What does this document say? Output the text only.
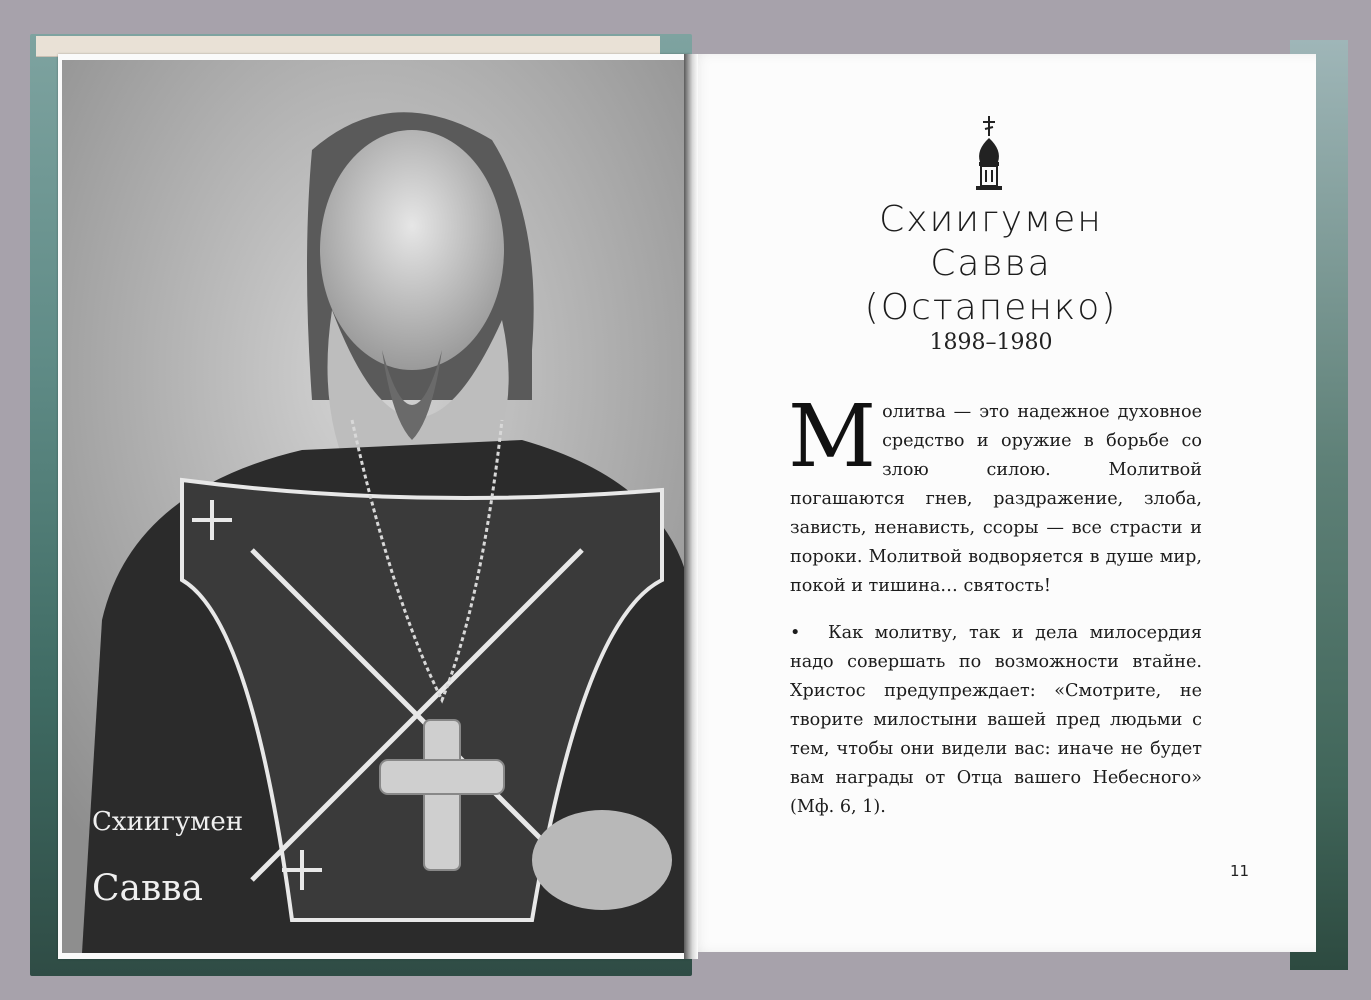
Схиигумен
Савва
Схиигумен
Савва
(Остапенко)
1898–1980

Молитва — это надежное духовное средство и оружие в борьбе со злою силою. Молитвой погашаются гнев, раздражение, злоба, зависть, ненависть, ссоры — все страсти и пороки. Молитвой водворяется в душе мир, покой и тишина… святость!

• Как молитву, так и дела милосердия надо совершать по возможности втайне. Христос предупреждает: «Смотрите, не творите милостыни вашей пред людьми с тем, чтобы они видели вас: иначе не будет вам награды от Отца вашего Небесного» (Мф. 6, 1).

11
